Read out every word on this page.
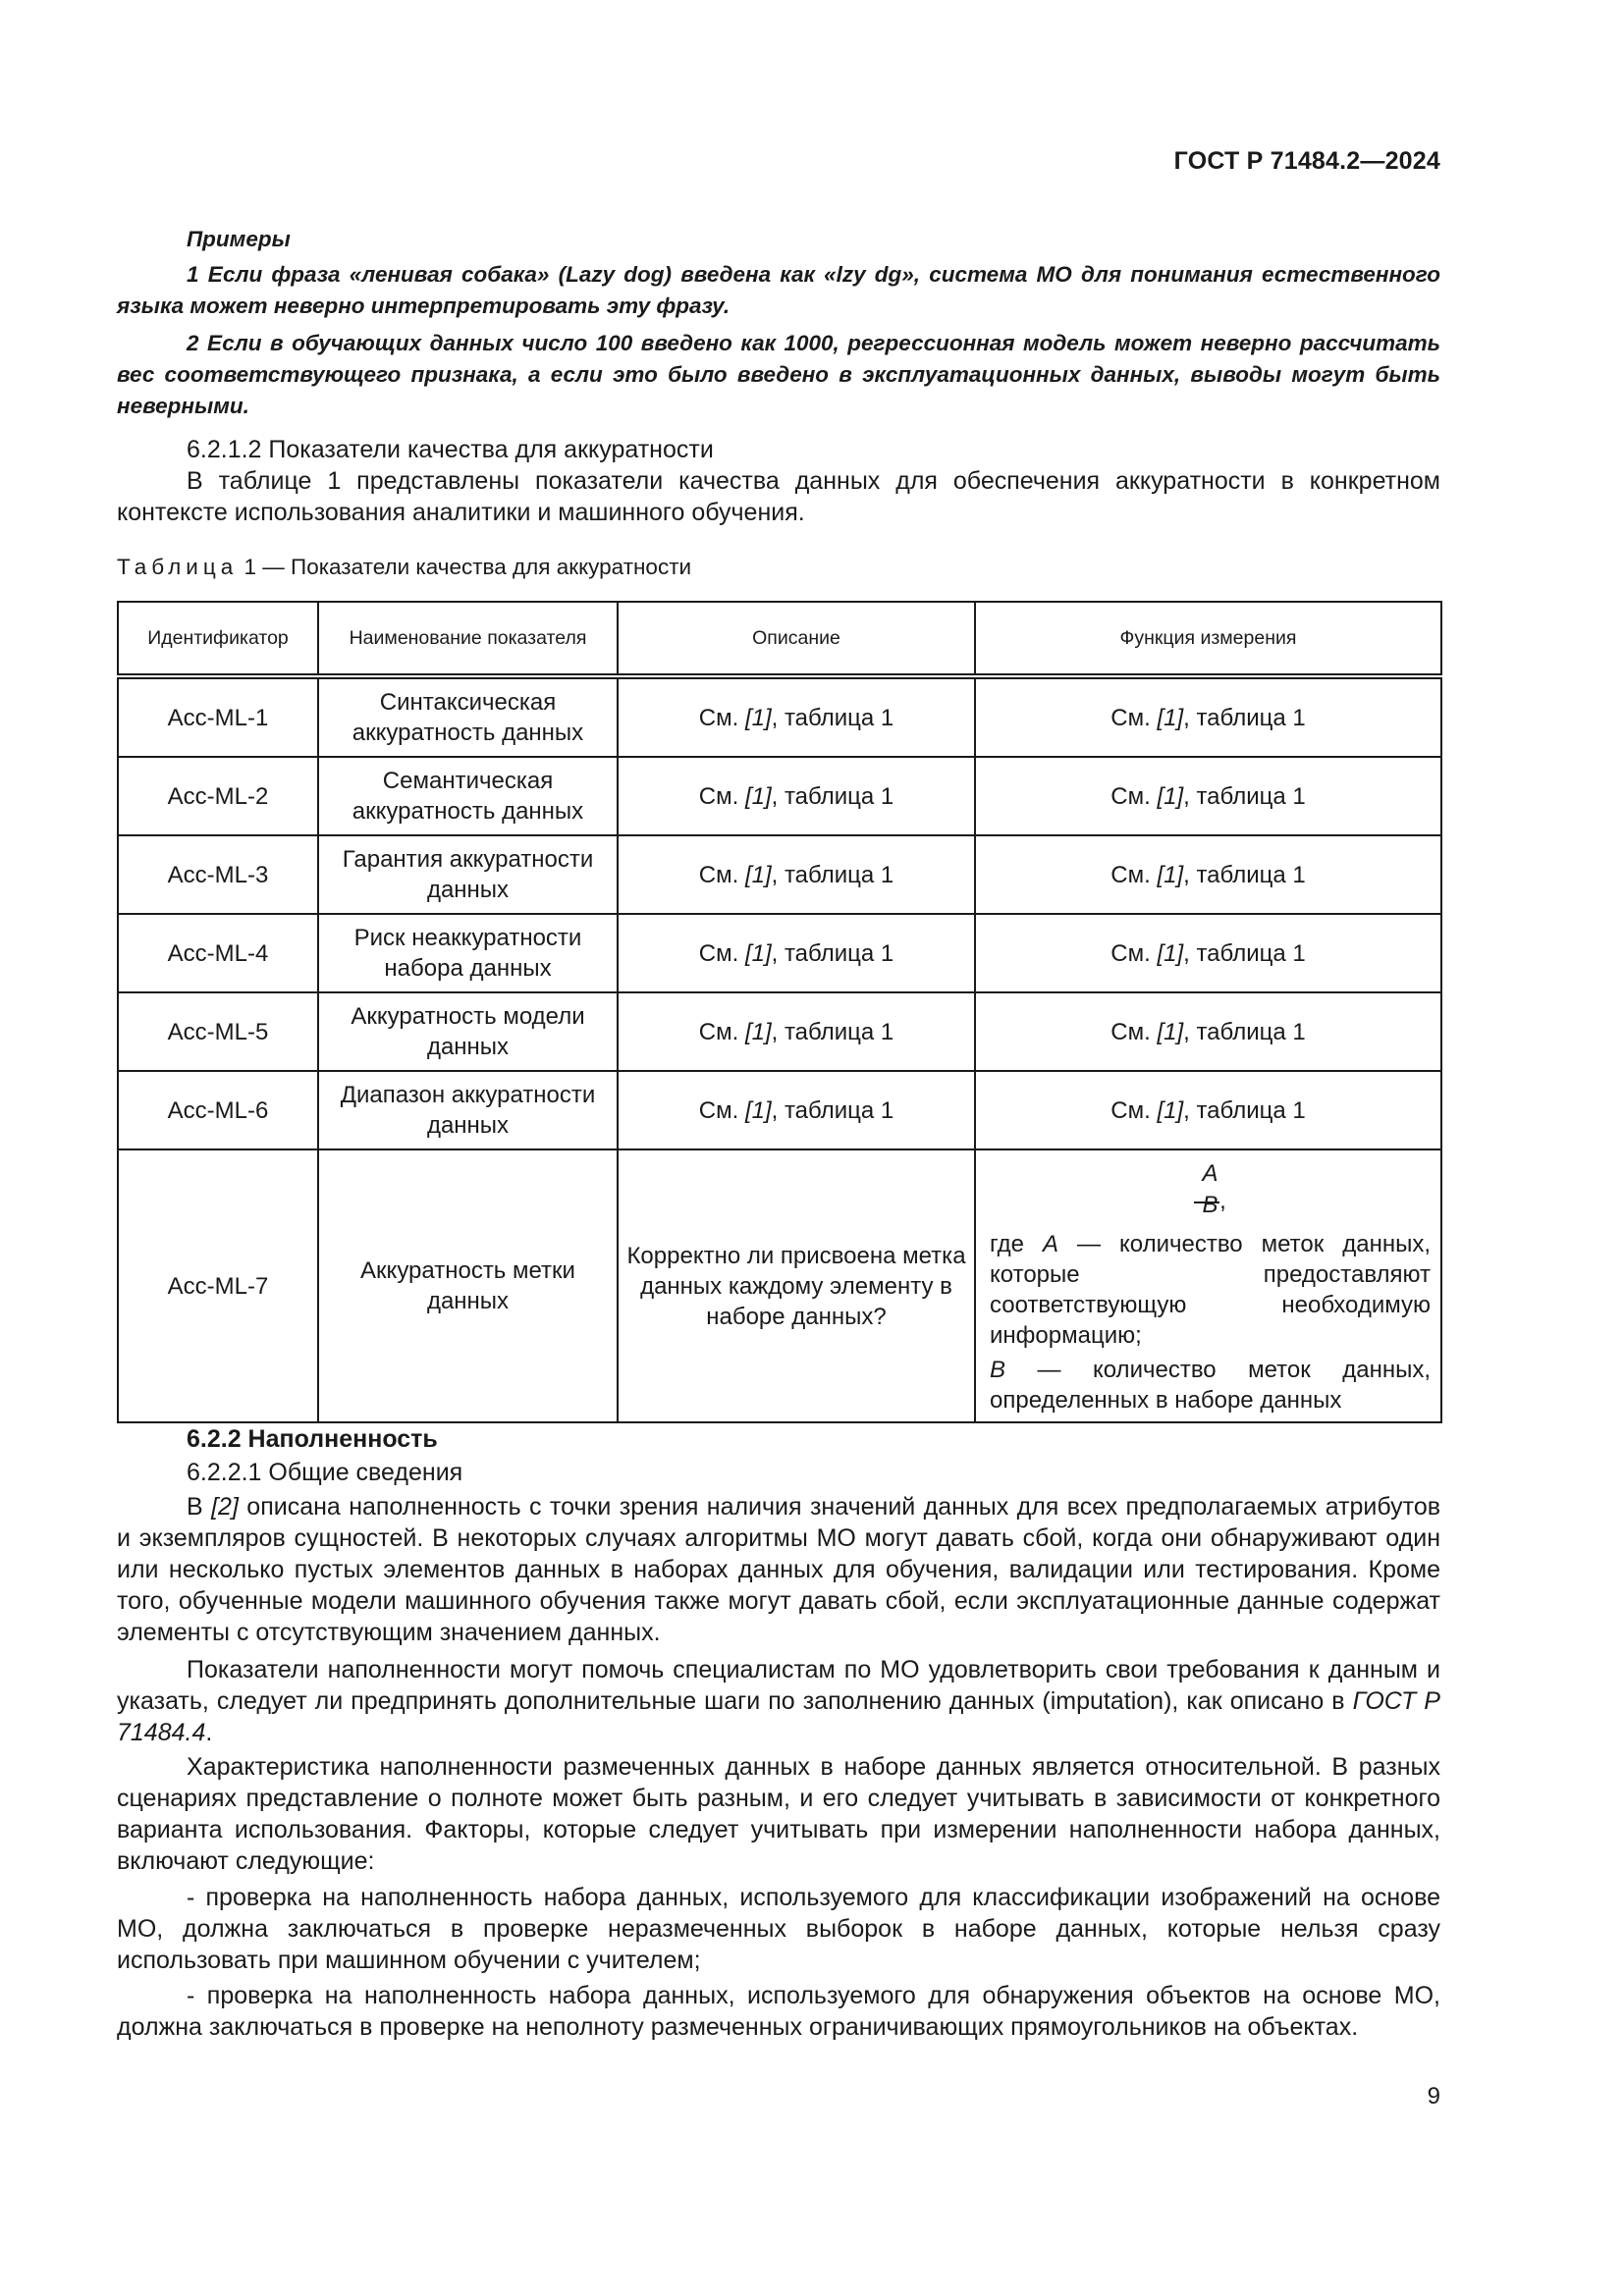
ГОСТ Р 71484.2—2024

Примеры

1 Если фраза «ленивая собака» (Lazy dog) введена как «lzy dg», система МО для понимания естественного языка может неверно интерпретировать эту фразу.

2 Если в обучающих данных число 100 введено как 1000, регрессионная модель может неверно рассчитать вес соответствующего признака, а если это было введено в эксплуатационных данных, выводы могут быть неверными.

6.2.1.2 Показатели качества для аккуратности

В таблице 1 представлены показатели качества данных для обеспечения аккуратности в конкретном контексте использования аналитики и машинного обучения.

Таблица 1 — Показатели качества для аккуратности
Идентификатор	Наименование показателя	Описание	Функция измерения
Acc-ML-1	Синтаксическая аккуратность данных	См. [1], таблица 1	См. [1], таблица 1
Acc-ML-2	Семантическая аккуратность данных	См. [1], таблица 1	См. [1], таблица 1
Acc-ML-3	Гарантия аккуратности данных	См. [1], таблица 1	См. [1], таблица 1
Acc-ML-4	Риск неаккуратности набора данных	См. [1], таблица 1	См. [1], таблица 1
Acc-ML-5	Аккуратность модели данных	См. [1], таблица 1	См. [1], таблица 1
Acc-ML-6	Диапазон аккуратности данных	См. [1], таблица 1	См. [1], таблица 1
Acc-ML-7	Аккуратность метки данных	Корректно ли присвоена метка данных каждому элементу в наборе данных?	A
,
B

где A — количество меток данных, которые предоставляют соответствующую необходимую информацию;

B — количество меток данных, определенных в наборе данных

6.2.2 Наполненность
6.2.2.1 Общие сведения

В [2] описана наполненность с точки зрения наличия значений данных для всех предполагаемых атрибутов и экземпляров сущностей. В некоторых случаях алгоритмы МО могут давать сбой, когда они обнаруживают один или несколько пустых элементов данных в наборах данных для обучения, валидации или тестирования. Кроме того, обученные модели машинного обучения также могут давать сбой, если эксплуатационные данные содержат элементы с отсутствующим значением данных.

Показатели наполненности могут помочь специалистам по МО удовлетворить свои требования к данным и указать, следует ли предпринять дополнительные шаги по заполнению данных (imputation), как описано в ГОСТ Р 71484.4.

Характеристика наполненности размеченных данных в наборе данных является относительной. В разных сценариях представление о полноте может быть разным, и его следует учитывать в зависимости от конкретного варианта использования. Факторы, которые следует учитывать при измерении наполненности набора данных, включают следующие:

- проверка на наполненность набора данных, используемого для классификации изображений на основе МО, должна заключаться в проверке неразмеченных выборок в наборе данных, которые нельзя сразу использовать при машинном обучении с учителем;

- проверка на наполненность набора данных, используемого для обнаружения объектов на основе МО, должна заключаться в проверке на неполноту размеченных ограничивающих прямоугольников на объектах.

9
